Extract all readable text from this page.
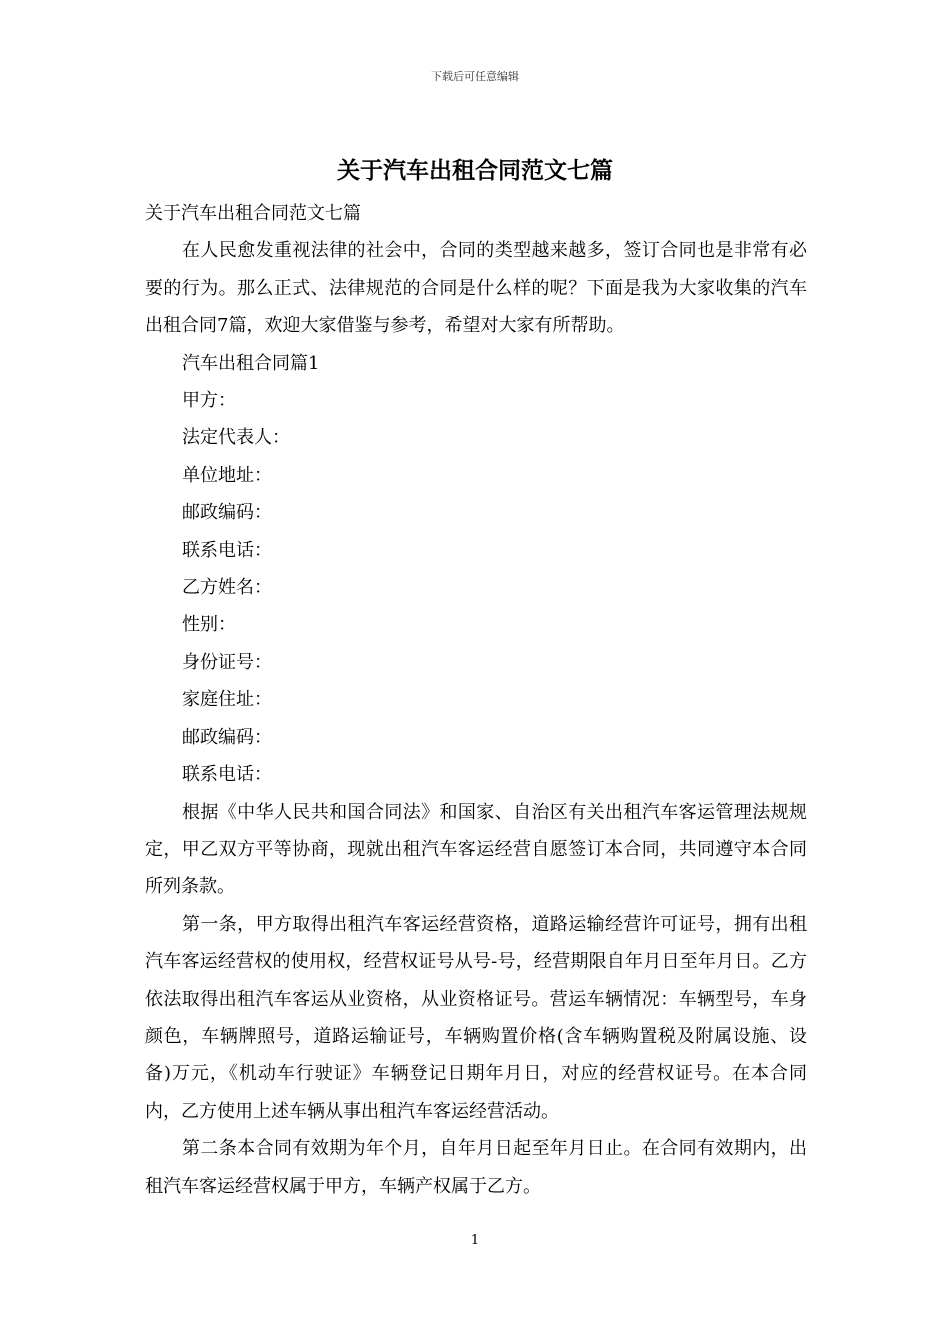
下载后可任意编辑
关于汽车出租合同范文七篇

关于汽车出租合同范文七篇

在人民愈发重视法律的社会中，合同的类型越来越多，签订合同也是非常有必要的行为。那么正式、法律规范的合同是什么样的呢？下面是我为大家收集的汽车出租合同7篇，欢迎大家借鉴与参考，希望对大家有所帮助。

汽车出租合同篇1

甲方：

法定代表人：

单位地址：

邮政编码：

联系电话：

乙方姓名：

性别：

身份证号：

家庭住址：

邮政编码：

联系电话：

根据《中华人民共和国合同法》和国家、自治区有关出租汽车客运管理法规规定，甲乙双方平等协商，现就出租汽车客运经营自愿签订本合同，共同遵守本合同所列条款。

第一条，甲方取得出租汽车客运经营资格，道路运输经营许可证号，拥有出租汽车客运经营权的使用权，经营权证号从号-号，经营期限自年月日至年月日。乙方依法取得出租汽车客运从业资格，从业资格证号。营运车辆情况：车辆型号，车身颜色，车辆牌照号，道路运输证号，车辆购置价格(含车辆购置税及附属设施、设备)万元，《机动车行驶证》车辆登记日期年月日，对应的经营权证号。在本合同内，乙方使用上述车辆从事出租汽车客运经营活动。

第二条本合同有效期为年个月，自年月日起至年月日止。在合同有效期内，出租汽车客运经营权属于甲方，车辆产权属于乙方。

1
